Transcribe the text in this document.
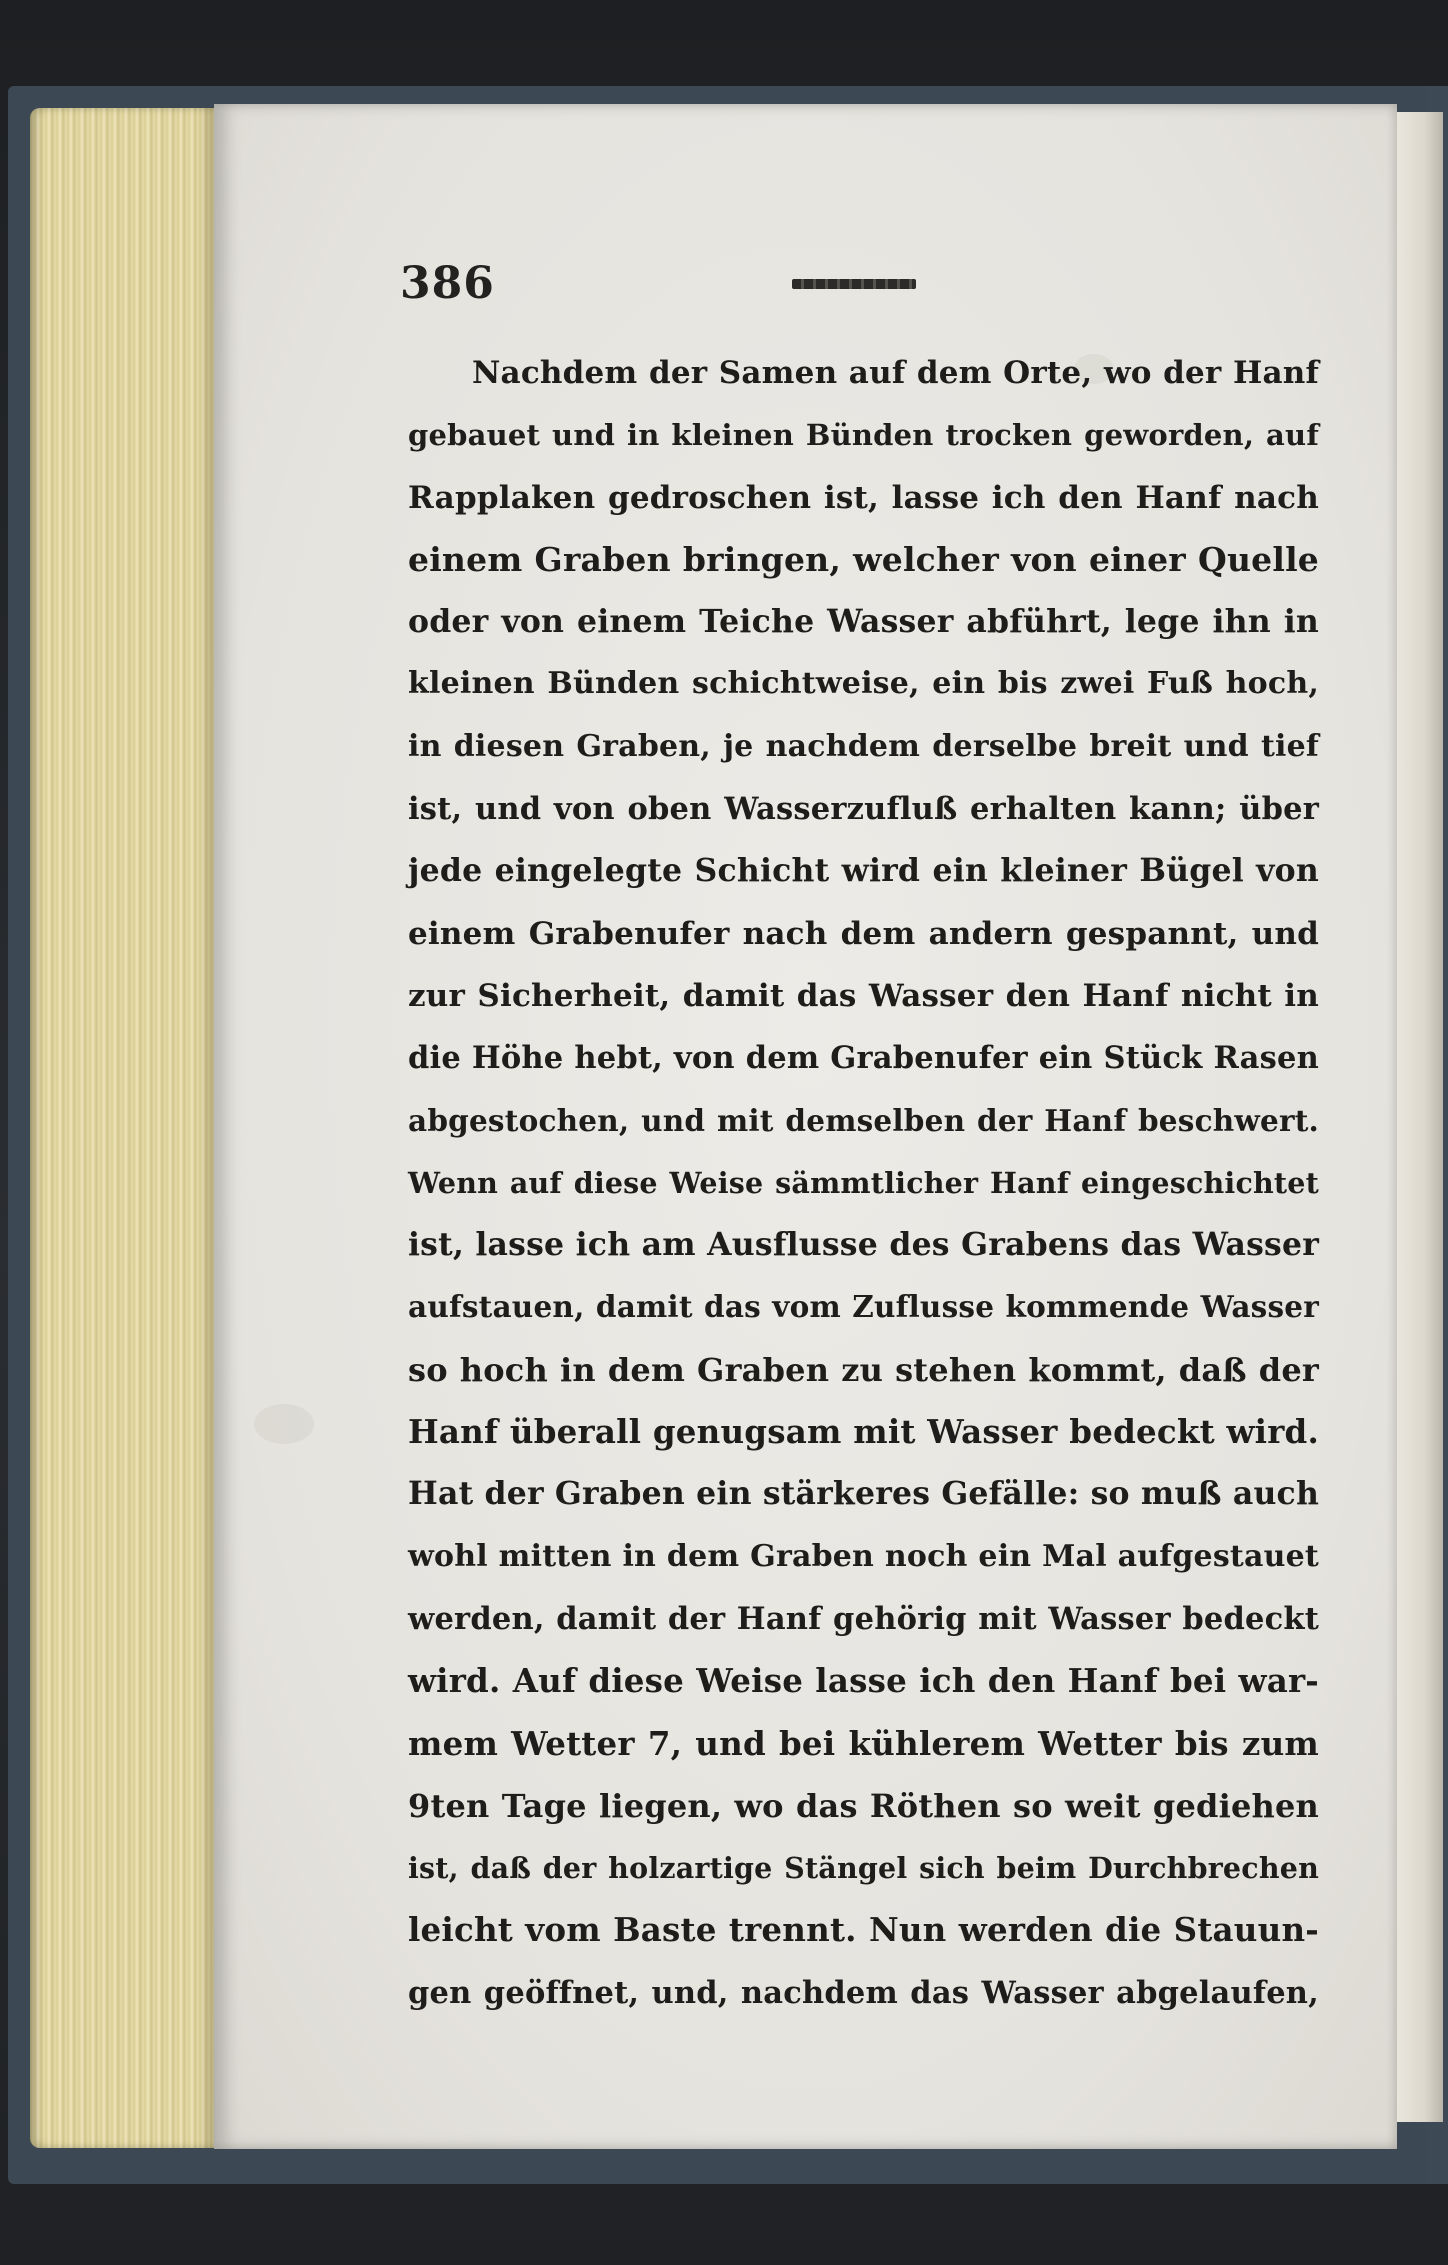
386
Nachdem der Samen auf dem Orte, wo der Hanf
gebauet und in kleinen Bünden trocken geworden, auf
Rapplaken gedroschen ist, lasse ich den Hanf nach
einem Graben bringen, welcher von einer Quelle
oder von einem Teiche Wasser abführt, lege ihn in
kleinen Bünden schichtweise, ein bis zwei Fuß hoch,
in diesen Graben, je nachdem derselbe breit und tief
ist, und von oben Wasserzufluß erhalten kann; über
jede eingelegte Schicht wird ein kleiner Bügel von
einem Grabenufer nach dem andern gespannt, und
zur Sicherheit, damit das Wasser den Hanf nicht in
die Höhe hebt, von dem Grabenufer ein Stück Rasen
abgestochen, und mit demselben der Hanf beschwert.
Wenn auf diese Weise sämmtlicher Hanf eingeschichtet
ist, lasse ich am Ausflusse des Grabens das Wasser
aufstauen, damit das vom Zuflusse kommende Wasser
so hoch in dem Graben zu stehen kommt, daß der
Hanf überall genugsam mit Wasser bedeckt wird.
Hat der Graben ein stärkeres Gefälle: so muß auch
wohl mitten in dem Graben noch ein Mal aufgestauet
werden, damit der Hanf gehörig mit Wasser bedeckt
wird. Auf diese Weise lasse ich den Hanf bei war-
mem Wetter 7, und bei kühlerem Wetter bis zum
9ten Tage liegen, wo das Röthen so weit gediehen
ist, daß der holzartige Stängel sich beim Durchbrechen
leicht vom Baste trennt. Nun werden die Stauun-
gen geöffnet, und, nachdem das Wasser abgelaufen,
